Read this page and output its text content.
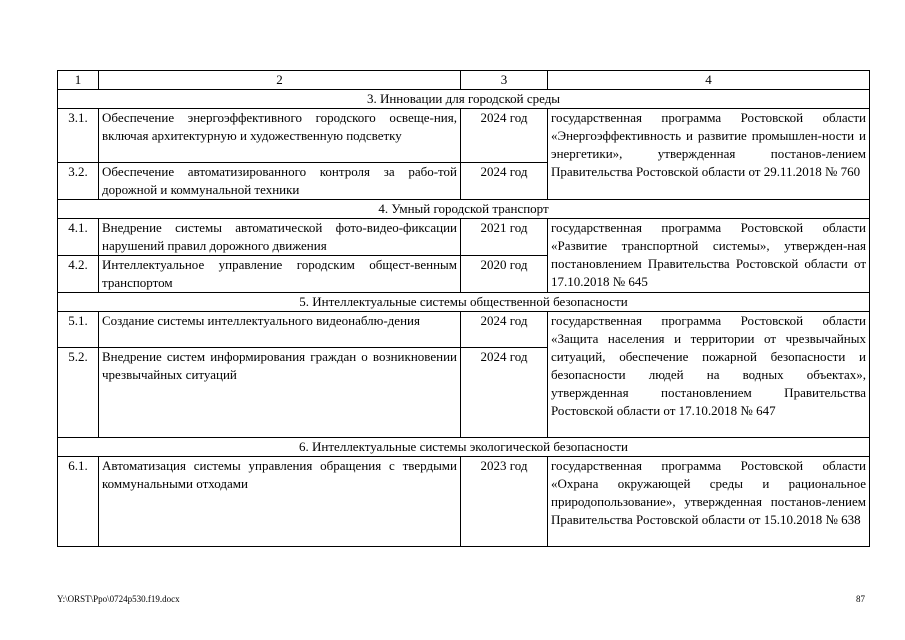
1	2	3	4
3. Инновации для городской среды			
3.1.	Обеспечение энергоэффективного городского освеще-ния, включая архитектурную и художественную подсветку	2024 год	государственная программа Ростовской области «Энергоэффективность и развитие промышлен-ности и энергетики», утвержденная постанов-лением Правительства Ростовской области от 29.11.2018 № 760
3.2.	Обеспечение автоматизированного контроля за рабо-той дорожной и коммунальной техники	2024 год	
4. Умный городской транспорт			
4.1.	Внедрение системы автоматической фото-видео-фиксации нарушений правил дорожного движения	2021 год	государственная программа Ростовской области «Развитие транспортной системы», утвержден-ная постановлением Правительства Ростовской области от 17.10.2018 № 645
4.2.	Интеллектуальное управление городским общест-венным транспортом	2020 год	
5. Интеллектуальные системы общественной безопасности			
5.1.	Создание системы интеллектуального видеонаблю-дения	2024 год	государственная программа Ростовской области «Защита населения и территории от чрезвычайных ситуаций, обеспечение пожарной безопасности и безопасности людей на водных объектах», утвержденная постановлением Правительства Ростовской области от 17.10.2018 № 647
5.2.	Внедрение систем информирования граждан о возникновении чрезвычайных ситуаций	2024 год	
6. Интеллектуальные системы экологической безопасности			
6.1.	Автоматизация системы управления обращения с твердыми коммунальными отходами	2023 год	государственная программа Ростовской области «Охрана окружающей среды и рациональное природопользование», утвержденная постанов-лением Правительства Ростовской области от 15.10.2018 № 638
Y:\ORST\Ppo\0724p530.f19.docx	87
